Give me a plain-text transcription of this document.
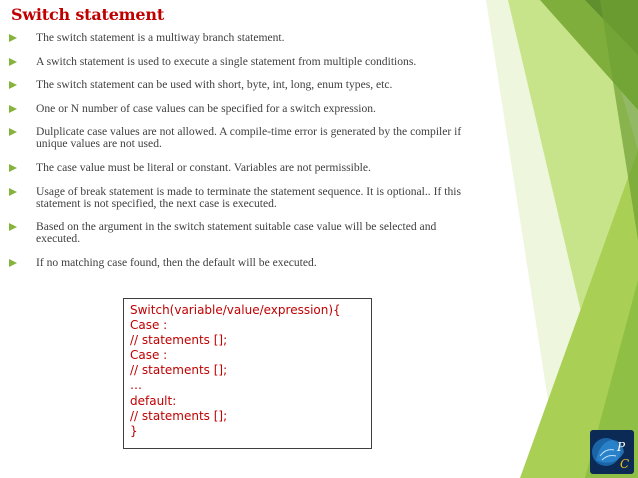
Switch statement
The switch statement is a multiway branch statement.
A switch statement is used to execute a single statement from multiple conditions.
The switch statement can be used with short, byte, int, long, enum types, etc.
One or N number of case values can be specified for a switch expression.
Dulplicate case values are not allowed. A compile-time error is generated by the compiler if unique values are not used.
The case value must be literal or constant. Variables are not permissible.
Usage of break statement is made to terminate the statement sequence. It is optional.. If this statement is not specified, the next case is executed.
Based on the argument in the switch statement suitable case value will be selected and executed.
If no matching case found, then the default will be executed.
Switch(variable/value/expression){
Case :
// statements [];
Case :
// statements [];
…
default:
// statements [];
}
P
C
